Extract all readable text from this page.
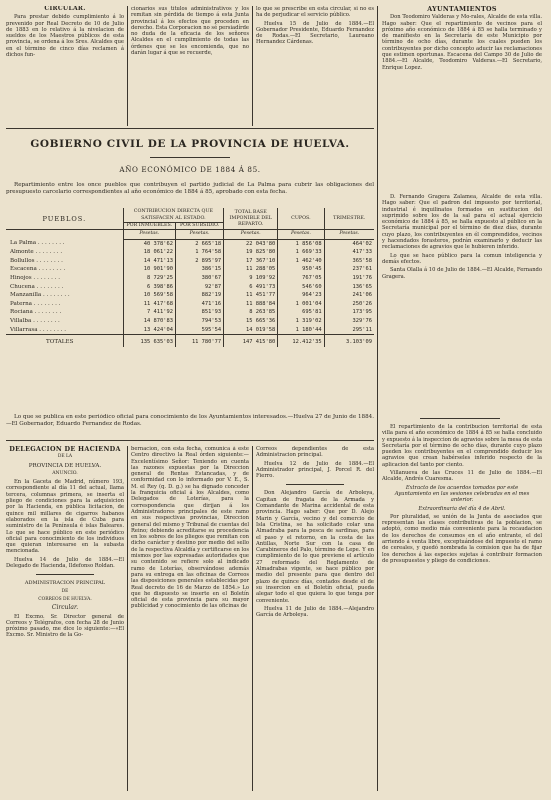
CIRCULAR.

Para prestar debido cumplimiento á lo prevenido por Real Decreto de 10 de Julio de 1883 en lo relativo á la nivelacion de sueldos de los Maestros públicos de esta provincia, se ordena á los Sres. Alcaldes que en el término de cinco días reclamen á dichos fun-

cionarios sus títulos administrativos y los remitan sin pérdida de tiempo á esta Junta provincial á los efectos que proceden en derecho. Esta Corporacion no sé persiadírde no duda de la eficacia de los señores Alcaldes en el cumplimiento de todas las órdenes que se les encomienda, que no darán lugar á que se recuerde,

lo que se prescribe en esta circular, si no es ha de perjudicar el servicio público.

Huelva 15 de Julio de 1884.—El Gobernador Presidente, Eduardo Fernandez de Rodas.—El Secretario, Laureano Hernandez Cárdenas.

AYUNTAMIENTOS

Don Teodomiro Valderas y Mo-rales, Alcalde de esta villa. Hago saber: Que el repartimiento de vecinos para el próximo año económico de 1884 á 85 se halla terminado y de manifiesto en la Secretaría de este Municipio por término de ocho días, durante los cuales pueden los contribuyentes por dicho concepto aducir las reclamaciones que estimen oportunas. Escacena del Campo 30 de Julio de 1884.—El Alcalde, Teodomiro Valderas.—El Secretario, Enrique Lopez.

D. Fernando Gragera Zalamea, Alcalde de esta villa. Hago saber: Que el padron del impuesto por territorial, industrial é inquilinatos formados en sustitucion del suprimido sobre los de la sal para el actual ejercicio económico de 1884 á 85, se halla expuesto al público en la Secretaría municipal por el término de diez días, durante cuyo plazo, los contribuyentes en él comprendidos, vecinos y hacendados forasteros, podrán examinarlo y deducir las reclamaciones de agravios que le hubieren inferido.

Lo que se hace público para la comun inteligencia y demás efectos.

Santa Olalla á 10 de Julio de 1884.—El Alcalde, Fernando Gragera.

El repartimiento de la contribucion territorial de esta villa para el año económico de 1884 á 85 se halla concluido y expuesto á la inspeccion de agravios sobre la mesa de esta Secretaría por el término de ocho días, durante cuyo plazo pueden los contribuyentes en el comprendido deducir los agravios que crean habérseles inferido respecto de la aplicacion del tanto por ciento.

Villanueva de las Cruces 11 de Julio de 1884.—El Alcalde, Andrés Cuaresma.

Extracto de los acuerdos tomados por este Ayuntamiento en las sesiones celebradas en el mes anterior.

Extraordinaria del día 4 de Abril.

Por pluralidad, se unión de la Junta de asociados que representan las clases contributivas de la poblacion, se adoptó, como medio más conveniente para la recaudacion de los derechos de consumos en el año entrante, el del arriendo á venta libre, exceptuándose del impuesto el ramo de cereales, y quedó nombrada la comision que ha de fijar los derechos á las especies sujetas á contribuir formacion de presupuestos y pliego de condiciones.

GOBIERNO CIVIL DE LA PROVINCIA DE HUELVA.
AÑO ECONÓMICO DE 1884 Á 85.

Repartimiento entre los once pueblos que contribuyen el partido judicial de La Palma para cubrir las obligaciones del presupuesto carcelario correspondientes al año económico de 1884 á 85, aprobado con esta fecha.

PUEBLOS.	CONTRIBUCION DIRECTA QUE SATISFACEN AL ESTADO.		TOTAL BASE IMPONIBLE DEL REPARTO.	CUPOS.	TRIMESTRE.
	POR INMUEBLES.	POR SUBSIDIO.			
	Pesetas.	Pesetas.	Pesetas.	Pesetas.	Pesetas.
La Palma . . . . . . . .	40 378'62	2 665'18	22 043'80	1 856'08	464'02
Almonte . . . . . . . .	18 061'22	1 764'58	19 825'80	1 669'33	417'33
Bollullos . . . . . . . .	14 471'13	2 895'97	17 367'10	1 462'40	365'58
Escacena . . . . . . . .	10 901'90	386'15	11 288'05	950'45	237'61
Hinojos . . . . . . . .	8 729'25	380'67	9 109'92	767'05	191'76
Chucena . . . . . . . .	6 398'86	92'87	6 491'73	546'60	136'65
Manzanilla . . . . . . . .	10 569'58	882'19	11 451'77	964'23	241'06
Paterna . . . . . . . .	11 417'68	471'16	11 888'84	1 001'04	250'26
Rociana . . . . . . . .	7 411'92	851'93	8 263'85	695'81	173'95
Villalba . . . . . . . .	14 870'83	794'53	15 665'36	1 319'02	329'76
Villarrasa . . . . . . . .	13 424'04	595'54	14 019'58	1 180'44	295'11
TOTALES	135 635'03	11 780'77	147 415'80	12.412'35	3.103'09

Lo que se publica en este periódico oficial para conocimiento de los Ayuntamientos interesados.—Huelva 27 de Junio de 1884.—El Gobernador, Eduardo Fernandez de Rodas.

DELEGACION DE HACIENDA

DE LA

PROVINCIA DE HUELVA.

ANUNCIO.

En la Gaceta de Madrid, número 193, correspondiente al día 11 del actual, llama tercera, columnas primera, se inserta el pliego de condiciones para la adquisicion por la Hacienda, en pública licitacion, de quince mil millares de cigarros habanos elaborados en la isla de Cuba para suministro de la Península é islas Baleares. Lo que se hace público en este periódico oficial para conocimiento de los individuos que quieran interesarse en la subasta mencionada.

Huelva 14 de Julio de 1884.—El Delegado de Hacienda, Ildefonso Roldan.

ADMINISTRACION PRINCIPAL

DE

CORREOS DE HUELVA.

Circular.

El Excmo. Sr. Director general de Correos y Telégrafos, con fecha 28 de Junio próximo pasado, me dice lo siguiente:—«El Excmo. Sr. Ministro de la Go-

bernacion, con esta fecha, comunica á este Centro directivo la Real órden siguiente:—Excelentísimo Señor: Teniendo en cuenta las razones expuestas por la Direccion general de Rentas Estancadas, y de conformidad con lo informado por V. E., S. M. el Rey (q. D. g.) se ha dignado conceder la franquicia oficial á los Alcaldes, como Delegados de Loterías, para la correspondencia que dirijan á los Administradores principales de este ramo en sus respectivas provincias, Direccion general del mismo y Tribunal de cuentas del Reino; debiendo acreditarse su procedencia en los sobres de los pliegos que remitan con dicho carácter y destino por medio del sello de la respectiva Alcaldía y certificarse en los mismos por las expresadas autoridades que su contenido se refiere solo al indicado ramo de Loterías, observándose además para su entrega en las oficinas de Correos las disposiciones generales establecidas por Real decreto de 16 de Marzo de 1854.» Lo que he dispuesto se inserte en el Boletín oficial de esta provincia para su mayor publicidad y conocimiento de las oficinas de

Correos dependientes de esta Administracion principal.

Huelva 12 de Julio de 1884.—El Administrador principal, J. Porcel R. del Fierro.

Don Alejandro García de Arboleya, Capitan de fragata de la Armada y Comandante de Marina accidental de esta provincia. Hago saber: Que por D. Alejo Marin y García, vecino y del comercio de Isla Cristina, se ha solicitado colar una Almadraba para la pesca de sardinas, para el paso y el retorno, en la costa de las Antillas, Norte Sur con la casa de Carabineros del Palo, término de Lepe. Y en cumplimiento de lo que previene el artículo 27 reformado del Reglamento de Almadrabas vigente, se hace público por medio del presente para que dentro del plazo de quince días, contados desde el de su insercion en el Boletín oficial, pueda alegar todo el que quiera lo que tenga por conveniente.

Huelva 11 de Julio de 1884.—Alejandro García de Arboleya.
